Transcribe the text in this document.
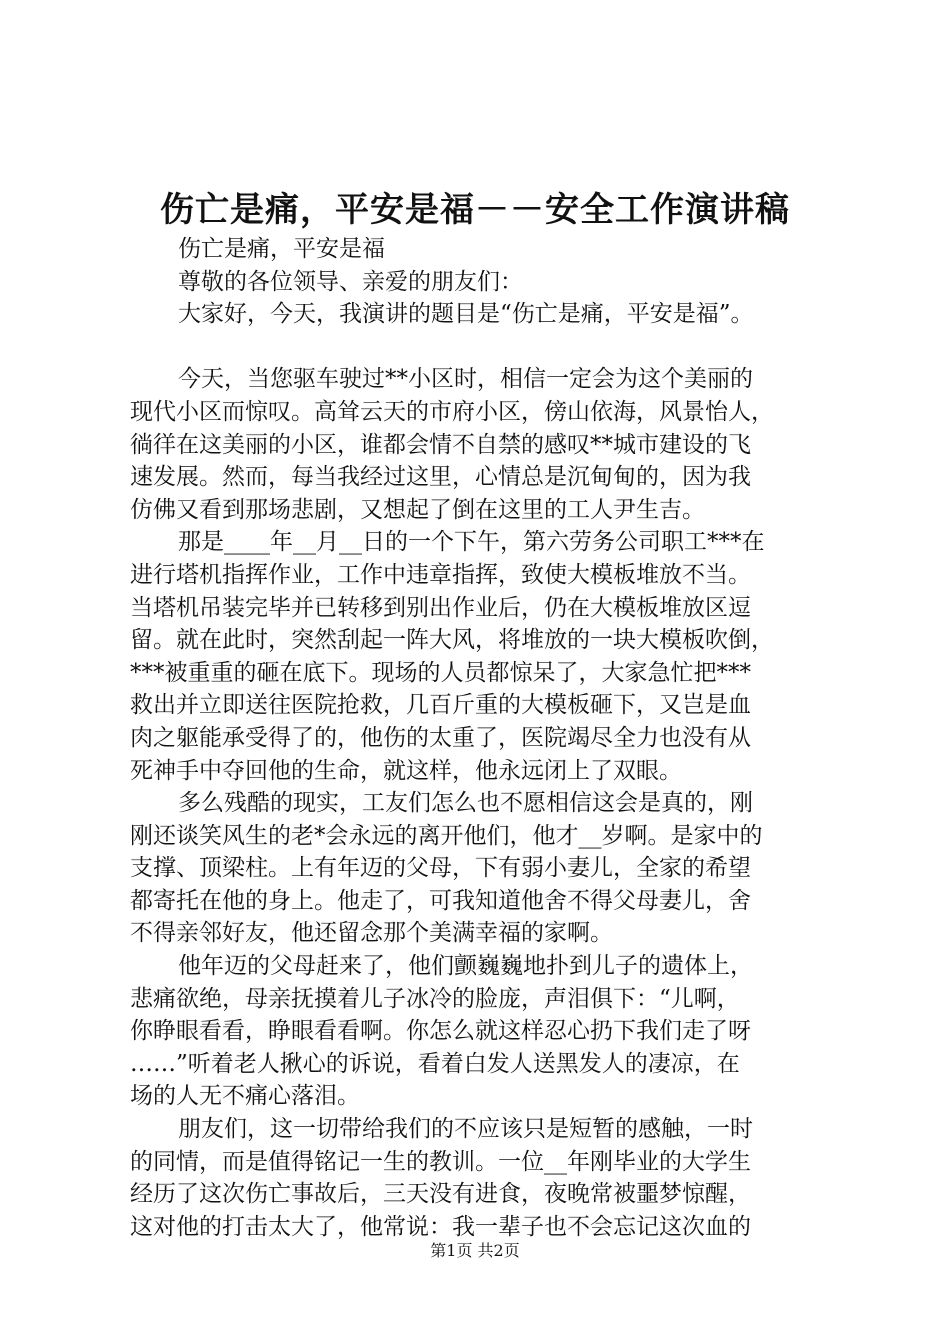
伤亡是痛，平安是福－－安全工作演讲稿
伤亡是痛，平安是福
尊敬的各位领导、亲爱的朋友们：
大家好，今天，我演讲的题目是“伤亡是痛，平安是福”。
今天，当您驱车驶过**小区时，相信一定会为这个美丽的
现代小区而惊叹。高耸云天的市府小区，傍山依海，风景怡人，
徜徉在这美丽的小区，谁都会情不自禁的感叹**城市建设的飞
速发展。然而，每当我经过这里，心情总是沉甸甸的，因为我
仿佛又看到那场悲剧，又想起了倒在这里的工人尹生吉。
那是____年__月__日的一个下午，第六劳务公司职工***在
进行塔机指挥作业，工作中违章指挥，致使大模板堆放不当。
当塔机吊装完毕并已转移到别出作业后，仍在大模板堆放区逗
留。就在此时，突然刮起一阵大风，将堆放的一块大模板吹倒，
***被重重的砸在底下。现场的人员都惊呆了，大家急忙把***
救出并立即送往医院抢救，几百斤重的大模板砸下，又岂是血
肉之躯能承受得了的，他伤的太重了，医院竭尽全力也没有从
死神手中夺回他的生命，就这样，他永远闭上了双眼。
多么残酷的现实，工友们怎么也不愿相信这会是真的，刚
刚还谈笑风生的老*会永远的离开他们，他才__岁啊。是家中的
支撑、顶梁柱。上有年迈的父母，下有弱小妻儿，全家的希望
都寄托在他的身上。他走了，可我知道他舍不得父母妻儿，舍
不得亲邻好友，他还留念那个美满幸福的家啊。
他年迈的父母赶来了，他们颤巍巍地扑到儿子的遗体上，
悲痛欲绝，母亲抚摸着儿子冰冷的脸庞，声泪俱下：“儿啊，
你睁眼看看，睁眼看看啊。你怎么就这样忍心扔下我们走了呀
……”听着老人揪心的诉说，看着白发人送黑发人的凄凉，在
场的人无不痛心落泪。
朋友们，这一切带给我们的不应该只是短暂的感触，一时
的同情，而是值得铭记一生的教训。一位__年刚毕业的大学生
经历了这次伤亡事故后，三天没有进食，夜晚常被噩梦惊醒，
这对他的打击太大了，他常说：我一辈子也不会忘记这次血的
第1页 共2页
